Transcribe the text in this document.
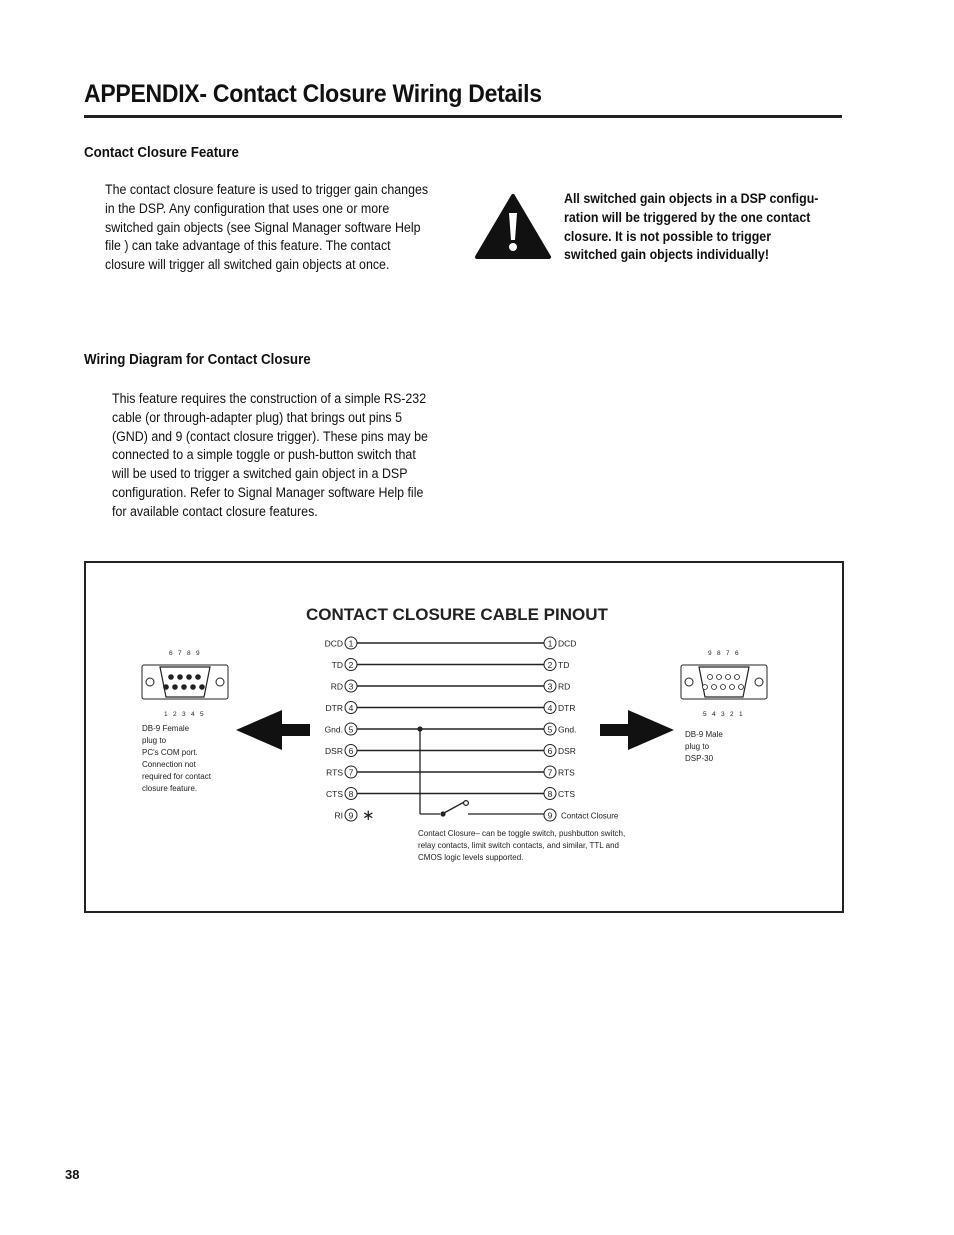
APPENDIX- Contact Closure Wiring Details
Contact Closure Feature
The contact closure feature is used to trigger gain changes
in the DSP. Any configuration that uses one or more
switched gain objects (see Signal Manager software Help
file ) can take advantage of this feature. The contact
closure will trigger all switched gain objects at once.
All switched gain objects in a DSP configu-
ration will be triggered by the one contact
closure. It is not possible to trigger
switched gain objects individually!
Wiring Diagram for Contact Closure
This feature requires the construction of a simple RS-232
cable (or through-adapter plug) that brings out pins 5
(GND) and 9 (contact closure trigger). These pins may be
connected to a simple toggle or push-button switch that
will be used to trigger a switched gain object in a DSP
configuration. Refer to Signal Manager software Help file
for available contact closure features.
CONTACT CLOSURE CABLE PINOUT
6 7 8 9
1 2 3 4 5
DB-9 Female
plug to
PC's COM port.
Connection not
required for contact
closure feature.
9 8 7 6
5 4 3 2 1
DB-9 Male
plug to
DSP-30
DCD 1	1 DCD
TD 2	2 TD
RD 3	3 RD
DTR 4	4 DTR
Gnd. 5	5 Gnd.
DSR 6	6 DSR
RTS 7	7 RTS
CTS 8	8 CTS
RI 9 ∗	9 Contact Closure
Contact Closure– can be toggle switch, pushbutton switch,
relay contacts, limit switch contacts, and similar, TTL and
CMOS logic levels supported.
38
